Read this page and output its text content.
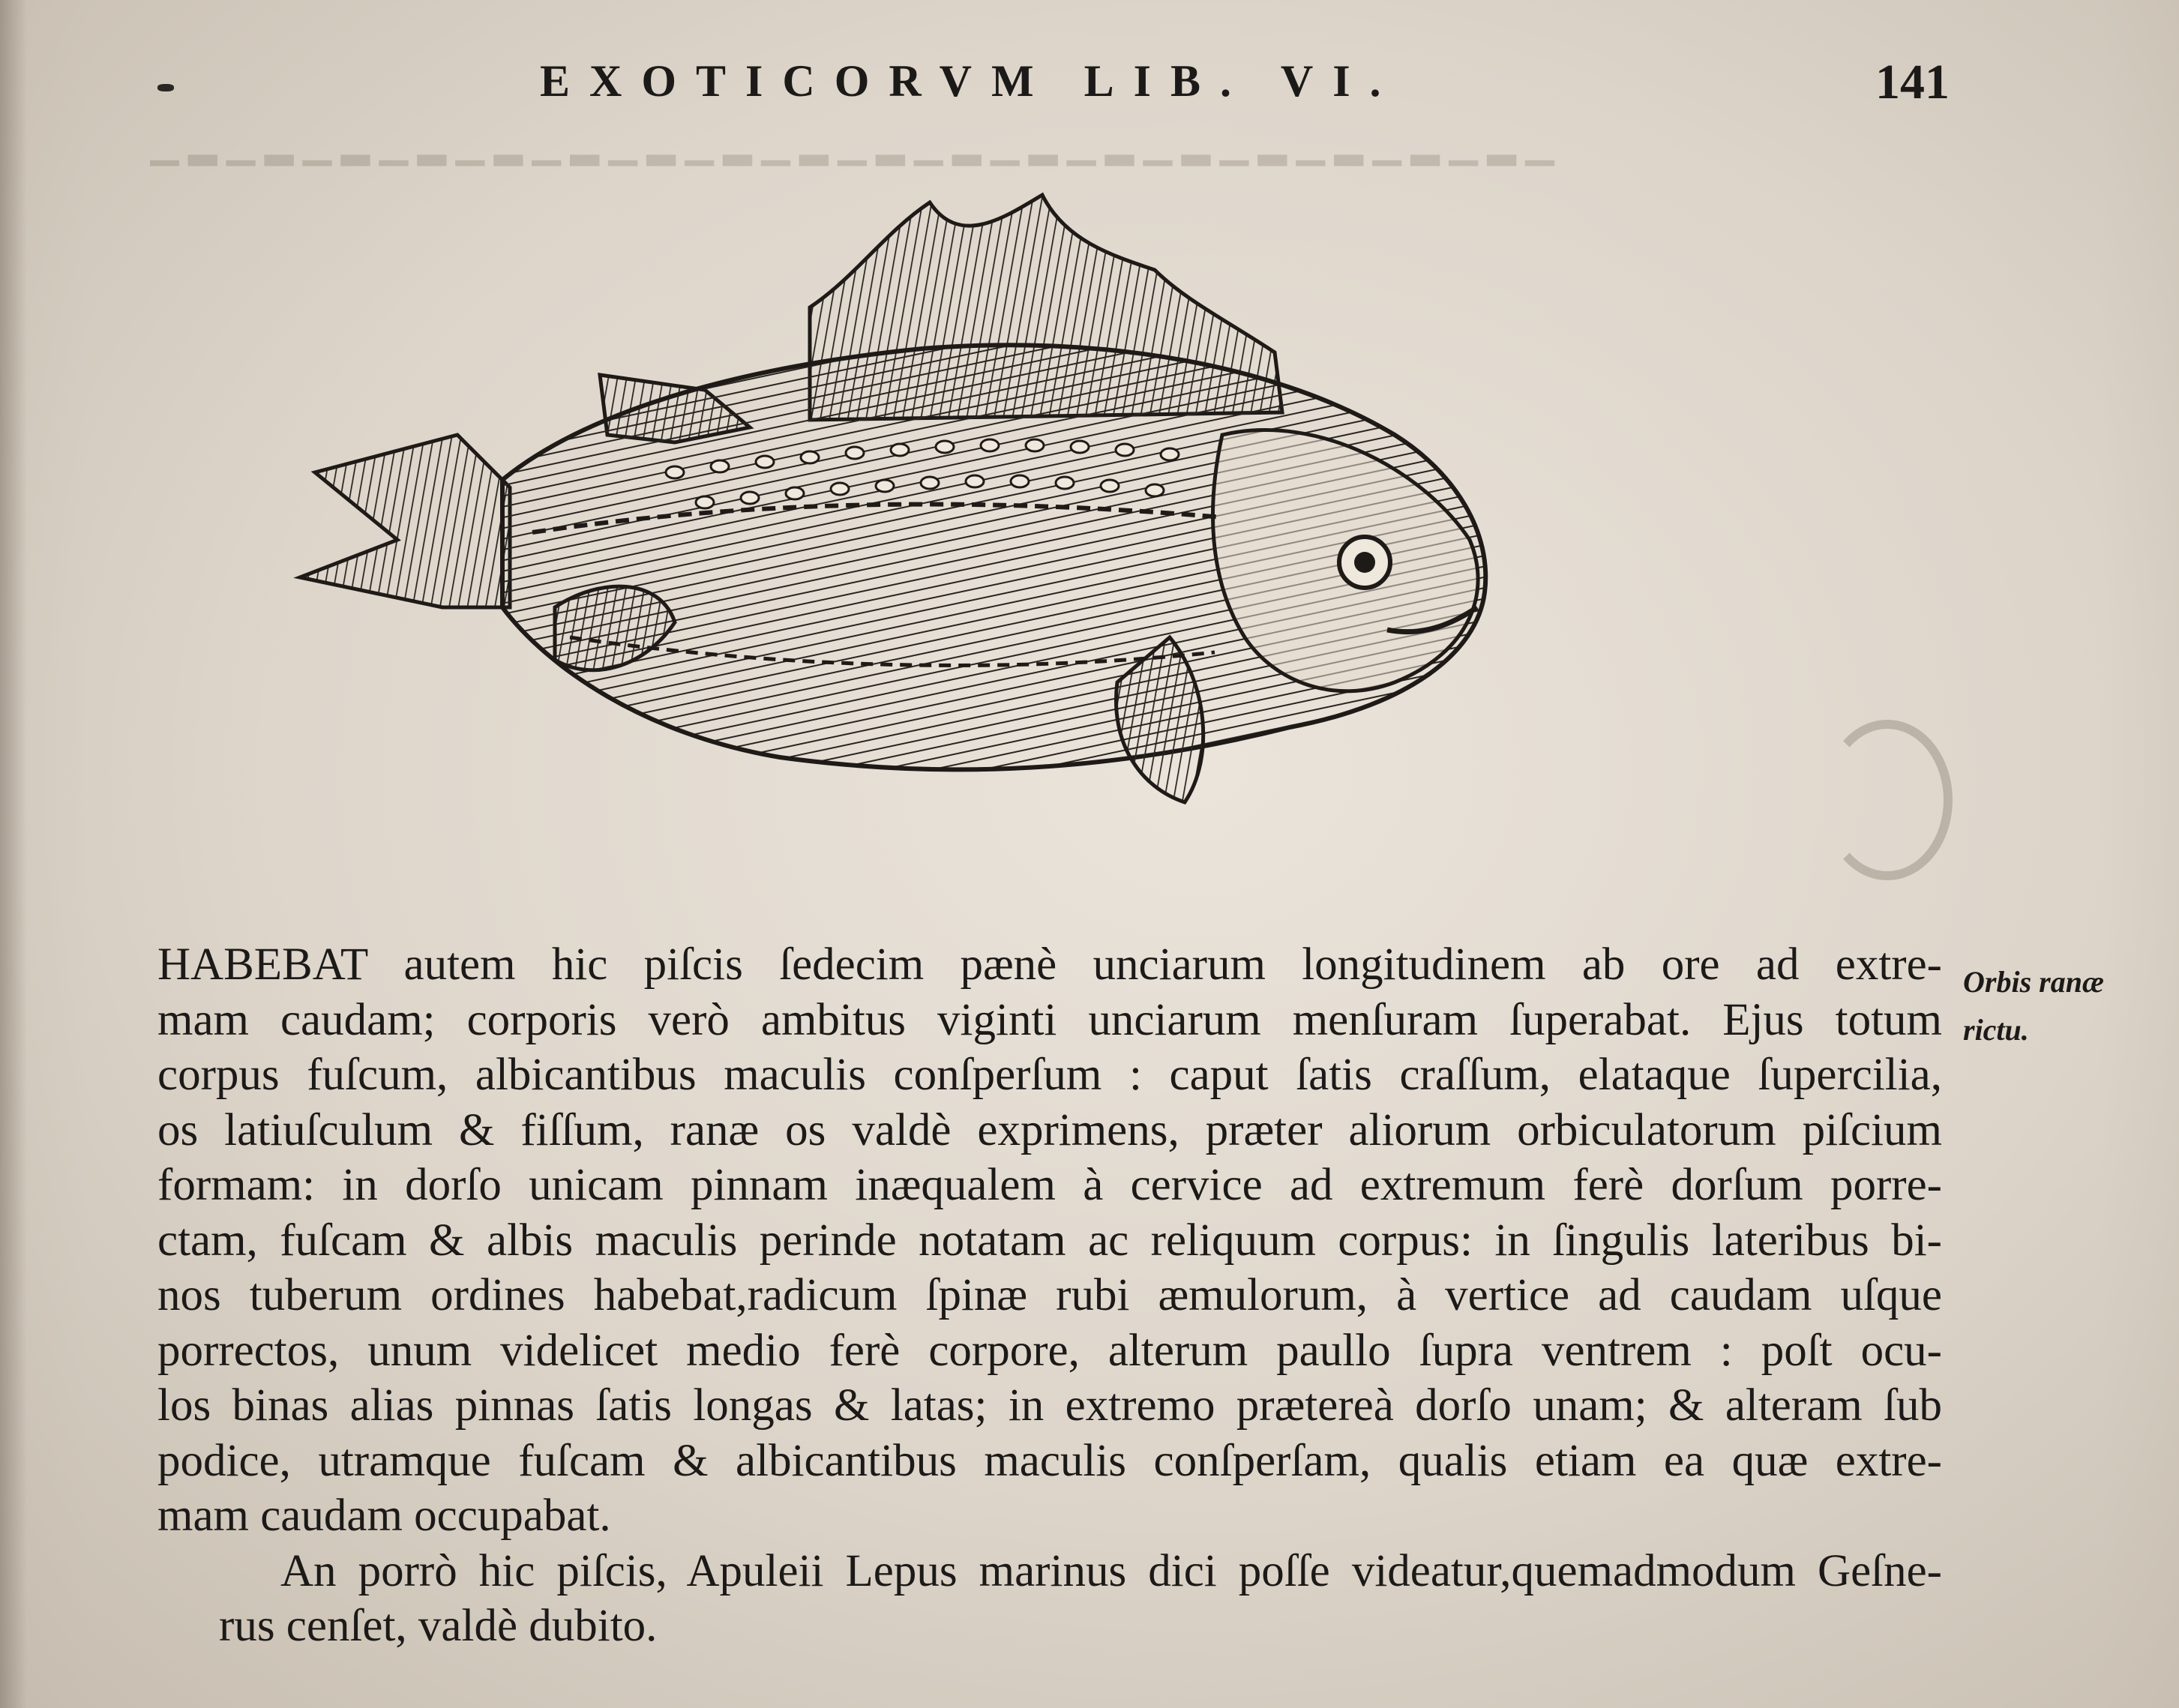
▁ ▂ ▁ ▂ ▁ ▂ ▁ ▂ ▁ ▂ ▁ ▂ ▁ ▂ ▁ ▂ ▁ ▂ ▁ ▂ ▁ ▂ ▁ ▂ ▁ ▂ ▁ ▂ ▁ ▂ ▁ ▂ ▁ ▂ ▁ ▂ ▁
EXOTICORVM LIB. VI.	141
HABEBAT autem hic piſcis ſedecim pænè unciarum longitudinem ab ore ad extre-
mam caudam; corporis verò ambitus viginti unciarum menſuram ſuperabat. Ejus totum
corpus fuſcum, albicantibus maculis conſperſum : caput ſatis craſſum, elataque ſupercilia,
os latiuſculum & fiſſum, ranæ os valdè exprimens, præter aliorum orbiculatorum piſcium
formam: in dorſo unicam pinnam inæqualem à cervice ad extremum ferè dorſum porre-
ctam, fuſcam & albis maculis perinde notatam ac reliquum corpus: in ſingulis lateribus bi-
nos tuberum ordines habebat,radicum ſpinæ rubi æmulorum, à vertice ad caudam uſque
porrectos, unum videlicet medio ferè corpore, alterum paullo ſupra ventrem : poſt ocu-
los binas alias pinnas ſatis longas & latas; in extremo prætereà dorſo unam; & alteram ſub
podice, utramque fuſcam & albicantibus maculis conſperſam, qualis etiam ea quæ extre-
mam caudam occupabat.
An porrò hic piſcis, Apuleii Lepus marinus dici poſſe videatur,quemadmodum Geſne-
rus cenſet, valdè dubito.
Orbis ranæ
rictu.
